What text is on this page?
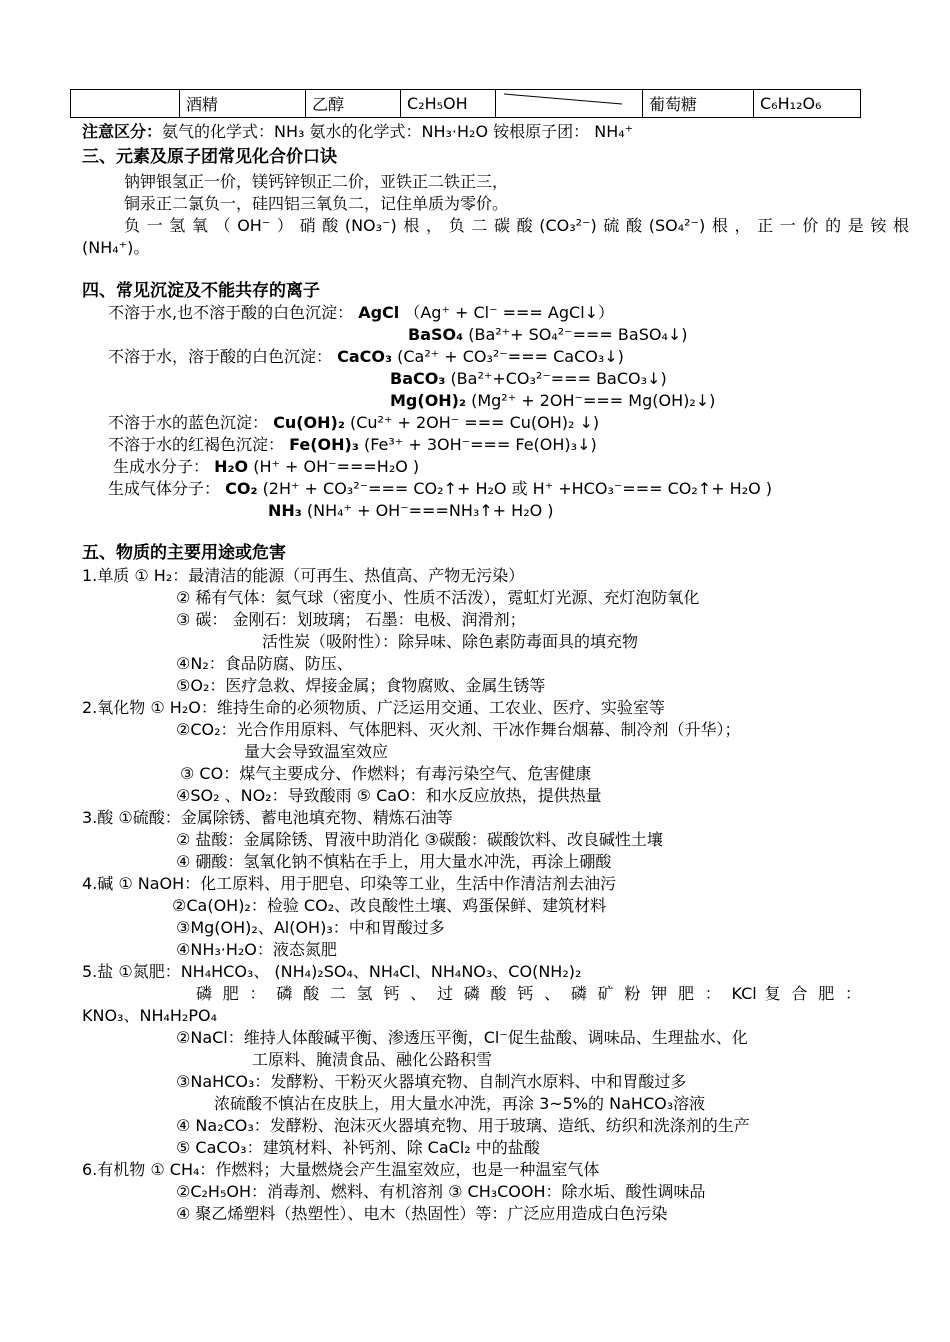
	酒精	乙醇	C₂H₅OH		葡萄糖	C₆H₁₂O₆
注意区分：氨气的化学式：NH₃ 氨水的化学式：NH₃·H₂O 铵根原子团： NH₄⁺
三、元素及原子团常见化合价口诀
钠钾银氢正一价，镁钙锌钡正二价，亚铁正二铁正三，
铜汞正二氯负一，硅四铝三氧负二，记住单质为零价。
负一氢氧（OH⁻）硝酸(NO₃⁻)根，负二碳酸(CO₃²⁻)硫酸(SO₄²⁻)根，正一价的是铵根
(NH₄⁺)。
四、常见沉淀及不能共存的离子
不溶于水,也不溶于酸的白色沉淀： AgCl （Ag⁺ + Cl⁻ === AgCl↓）
BaSO₄ (Ba²⁺+ SO₄²⁻=== BaSO₄↓)
不溶于水，溶于酸的白色沉淀： CaCO₃ (Ca²⁺ + CO₃²⁻=== CaCO₃↓)
BaCO₃ (Ba²⁺+CO₃²⁻=== BaCO₃↓)
Mg(OH)₂ (Mg²⁺ + 2OH⁻=== Mg(OH)₂↓)
不溶于水的蓝色沉淀： Cu(OH)₂ (Cu²⁺ + 2OH⁻ === Cu(OH)₂ ↓)
不溶于水的红褐色沉淀： Fe(OH)₃ (Fe³⁺ + 3OH⁻=== Fe(OH)₃↓)
生成水分子： H₂O (H⁺ + OH⁻===H₂O )
生成气体分子： CO₂ (2H⁺ + CO₃²⁻=== CO₂↑+ H₂O 或 H⁺ +HCO₃⁻=== CO₂↑+ H₂O )
NH₃ (NH₄⁺ + OH⁻===NH₃↑+ H₂O )
五、物质的主要用途或危害
1.单质 ① H₂：最清洁的能源（可再生、热值高、产物无污染）
② 稀有气体：氦气球（密度小、性质不活泼），霓虹灯光源、充灯泡防氧化
③ 碳： 金刚石：划玻璃； 石墨：电极、润滑剂；
活性炭（吸附性）：除异味、除色素防毒面具的填充物
④N₂：食品防腐、防压、
⑤O₂：医疗急救、焊接金属；食物腐败、金属生锈等
2.氧化物 ① H₂O：维持生命的必须物质、广泛运用交通、工农业、医疗、实验室等
②CO₂：光合作用原料、气体肥料、灭火剂、干冰作舞台烟幕、制冷剂（升华）；
量大会导致温室效应
③ CO：煤气主要成分、作燃料；有毒污染空气、危害健康
④SO₂ 、NO₂：导致酸雨 ⑤ CaO：和水反应放热，提供热量
3.酸 ①硫酸：金属除锈、蓄电池填充物、精炼石油等
② 盐酸：金属除锈、胃液中助消化 ③碳酸：碳酸饮料、改良碱性土壤
④ 硼酸：氢氧化钠不慎粘在手上，用大量水冲洗，再涂上硼酸
4.碱 ① NaOH：化工原料、用于肥皂、印染等工业，生活中作清洁剂去油污
②Ca(OH)₂：检验 CO₂、改良酸性土壤、鸡蛋保鲜、建筑材料
③Mg(OH)₂、Al(OH)₃：中和胃酸过多
④NH₃·H₂O：液态氮肥
5.盐 ①氮肥：NH₄HCO₃、 (NH₄)₂SO₄、NH₄Cl、NH₄NO₃、CO(NH₂)₂
磷 肥 ： 磷 酸 二 氢 钙 、 过 磷 酸 钙 、 磷 矿 粉 钾 肥 ： KCl 复 合 肥 ：
KNO₃、NH₄H₂PO₄
②NaCl：维持人体酸碱平衡、渗透压平衡，Cl⁻促生盐酸、调味品、生理盐水、化
工原料、腌渍食品、融化公路积雪
③NaHCO₃：发酵粉、干粉灭火器填充物、自制汽水原料、中和胃酸过多
浓硫酸不慎沾在皮肤上，用大量水冲洗，再涂 3~5%的 NaHCO₃溶液
④ Na₂CO₃：发酵粉、泡沫灭火器填充物、用于玻璃、造纸、纺织和洗涤剂的生产
⑤ CaCO₃：建筑材料、补钙剂、除 CaCl₂ 中的盐酸
6.有机物 ① CH₄：作燃料；大量燃烧会产生温室效应，也是一种温室气体
②C₂H₅OH：消毒剂、燃料、有机溶剂 ③ CH₃COOH：除水垢、酸性调味品
④ 聚乙烯塑料（热塑性）、电木（热固性）等：广泛应用造成白色污染
